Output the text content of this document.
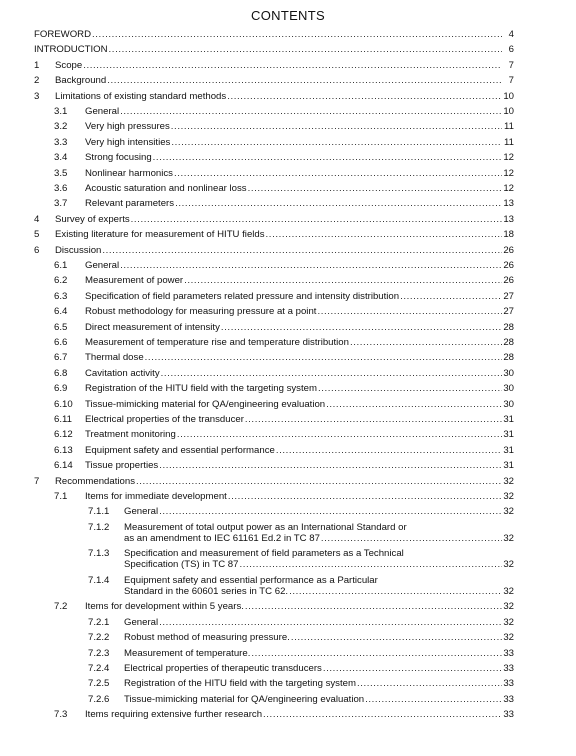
CONTENTS
FOREWORD .....	4
INTRODUCTION .....	6
1 Scope .....	7
2 Background .....	7
3 Limitations of existing standard methods .....	10
3.1 General .....	10
3.2 Very high pressures .....	11
3.3 Very high intensities .....	11
3.4 Strong focusing .....	12
3.5 Nonlinear harmonics .....	12
3.6 Acoustic saturation and nonlinear loss .....	12
3.7 Relevant parameters .....	13
4 Survey of experts .....	13
5 Existing literature for measurement of HITU fields .....	18
6 Discussion .....	26
6.1 General .....	26
6.2 Measurement of power .....	26
6.3 Specification of field parameters related pressure and intensity distribution .....	27
6.4 Robust methodology for measuring pressure at a point .....	27
6.5 Direct measurement of intensity .....	28
6.6 Measurement of temperature rise and temperature distribution .....	28
6.7 Thermal dose .....	28
6.8 Cavitation activity .....	30
6.9 Registration of the HITU field with the targeting system .....	30
6.10 Tissue-mimicking material for QA/engineering evaluation .....	30
6.11 Electrical properties of the transducer .....	31
6.12 Treatment monitoring .....	31
6.13 Equipment safety and essential performance .....	31
6.14 Tissue properties .....	31
7 Recommendations .....	32
7.1 Items for immediate development .....	32
7.1.1 General .....	32
7.1.2 Measurement of total output power as an International Standard or
as an amendment to IEC 61161 Ed.2 in TC 87 .....	32
7.1.3 Specification and measurement of field parameters as a Technical
Specification (TS) in TC 87 .....	32
7.1.4 Equipment safety and essential performance as a Particular
Standard in the 60601 series in TC 62. .....	32
7.2 Items for development within 5 years. .....	32
7.2.1 General .....	32
7.2.2 Robust method of measuring pressure. .....	32
7.2.3 Measurement of temperature. .....	33
7.2.4 Electrical properties of therapeutic transducers .....	33
7.2.5 Registration of the HITU field with the targeting system .....	33
7.2.6 Tissue-mimicking material for QA/engineering evaluation .....	33
7.3 Items requiring extensive further research .....	33
